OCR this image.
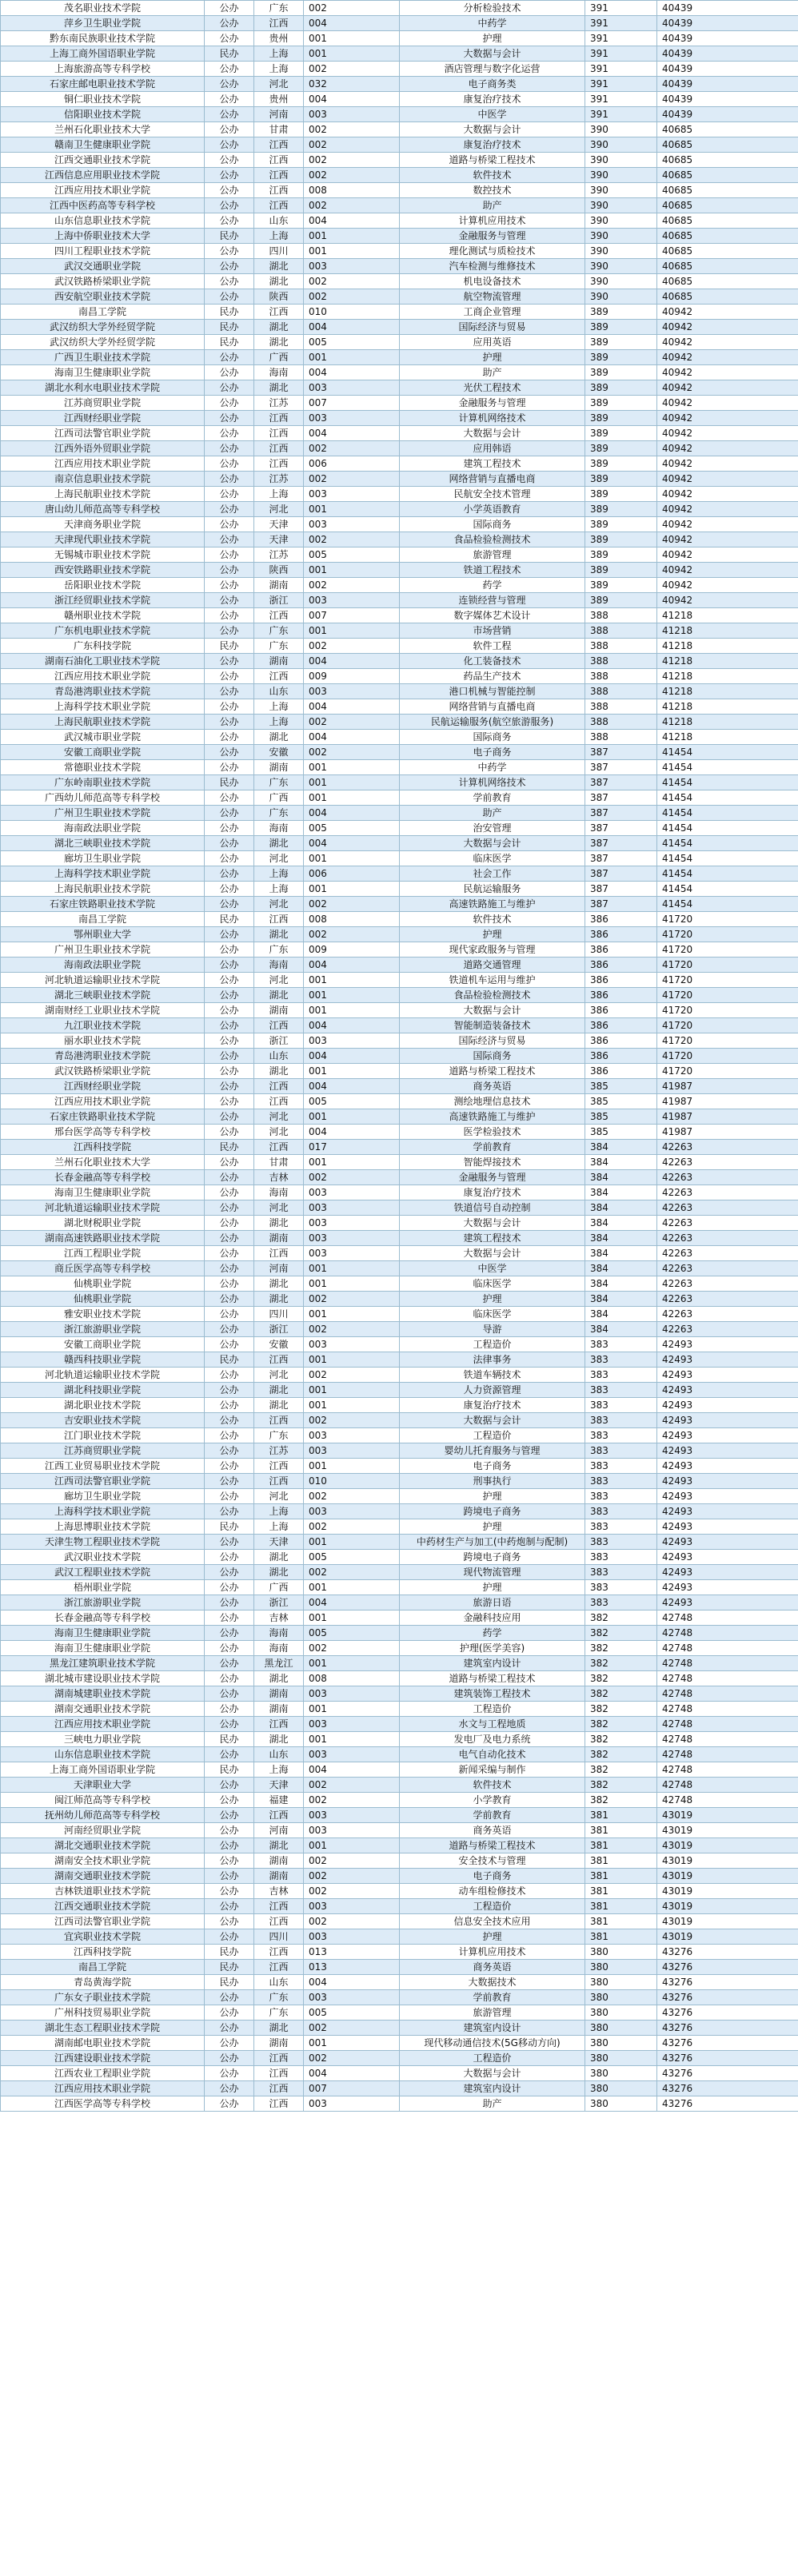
茂名职业技术学院	公办	广东	002	分析检验技术	391	40439
萍乡卫生职业学院	公办	江西	004	中药学	391	40439
黔东南民族职业技术学院	公办	贵州	001	护理	391	40439
上海工商外国语职业学院	民办	上海	001	大数据与会计	391	40439
上海旅游高等专科学校	公办	上海	002	酒店管理与数字化运营	391	40439
石家庄邮电职业技术学院	公办	河北	032	电子商务类	391	40439
铜仁职业技术学院	公办	贵州	004	康复治疗技术	391	40439
信阳职业技术学院	公办	河南	003	中医学	391	40439
兰州石化职业技术大学	公办	甘肃	002	大数据与会计	390	40685
赣南卫生健康职业学院	公办	江西	002	康复治疗技术	390	40685
江西交通职业技术学院	公办	江西	002	道路与桥梁工程技术	390	40685
江西信息应用职业技术学院	公办	江西	002	软件技术	390	40685
江西应用技术职业学院	公办	江西	008	数控技术	390	40685
江西中医药高等专科学校	公办	江西	002	助产	390	40685
山东信息职业技术学院	公办	山东	004	计算机应用技术	390	40685
上海中侨职业技术大学	民办	上海	001	金融服务与管理	390	40685
四川工程职业技术学院	公办	四川	001	理化测试与质检技术	390	40685
武汉交通职业学院	公办	湖北	003	汽车检测与维修技术	390	40685
武汉铁路桥梁职业学院	公办	湖北	002	机电设备技术	390	40685
西安航空职业技术学院	公办	陕西	002	航空物流管理	390	40685
南昌工学院	民办	江西	010	工商企业管理	389	40942
武汉纺织大学外经贸学院	民办	湖北	004	国际经济与贸易	389	40942
武汉纺织大学外经贸学院	民办	湖北	005	应用英语	389	40942
广西卫生职业技术学院	公办	广西	001	护理	389	40942
海南卫生健康职业学院	公办	海南	004	助产	389	40942
湖北水利水电职业技术学院	公办	湖北	003	光伏工程技术	389	40942
江苏商贸职业学院	公办	江苏	007	金融服务与管理	389	40942
江西财经职业学院	公办	江西	003	计算机网络技术	389	40942
江西司法警官职业学院	公办	江西	004	大数据与会计	389	40942
江西外语外贸职业学院	公办	江西	002	应用韩语	389	40942
江西应用技术职业学院	公办	江西	006	建筑工程技术	389	40942
南京信息职业技术学院	公办	江苏	002	网络营销与直播电商	389	40942
上海民航职业技术学院	公办	上海	003	民航安全技术管理	389	40942
唐山幼儿师范高等专科学校	公办	河北	001	小学英语教育	389	40942
天津商务职业学院	公办	天津	003	国际商务	389	40942
天津现代职业技术学院	公办	天津	002	食品检验检测技术	389	40942
无锡城市职业技术学院	公办	江苏	005	旅游管理	389	40942
西安铁路职业技术学院	公办	陕西	001	铁道工程技术	389	40942
岳阳职业技术学院	公办	湖南	002	药学	389	40942
浙江经贸职业技术学院	公办	浙江	003	连锁经营与管理	389	40942
赣州职业技术学院	公办	江西	007	数字媒体艺术设计	388	41218
广东机电职业技术学院	公办	广东	001	市场营销	388	41218
广东科技学院	民办	广东	002	软件工程	388	41218
湖南石油化工职业技术学院	公办	湖南	004	化工装备技术	388	41218
江西应用技术职业学院	公办	江西	009	药品生产技术	388	41218
青岛港湾职业技术学院	公办	山东	003	港口机械与智能控制	388	41218
上海科学技术职业学院	公办	上海	004	网络营销与直播电商	388	41218
上海民航职业技术学院	公办	上海	002	民航运输服务(航空旅游服务)	388	41218
武汉城市职业学院	公办	湖北	004	国际商务	388	41218
安徽工商职业学院	公办	安徽	002	电子商务	387	41454
常德职业技术学院	公办	湖南	001	中药学	387	41454
广东岭南职业技术学院	民办	广东	001	计算机网络技术	387	41454
广西幼儿师范高等专科学校	公办	广西	001	学前教育	387	41454
广州卫生职业技术学院	公办	广东	004	助产	387	41454
海南政法职业学院	公办	海南	005	治安管理	387	41454
湖北三峡职业技术学院	公办	湖北	004	大数据与会计	387	41454
廊坊卫生职业学院	公办	河北	001	临床医学	387	41454
上海科学技术职业学院	公办	上海	006	社会工作	387	41454
上海民航职业技术学院	公办	上海	001	民航运输服务	387	41454
石家庄铁路职业技术学院	公办	河北	002	高速铁路施工与维护	387	41454
南昌工学院	民办	江西	008	软件技术	386	41720
鄂州职业大学	公办	湖北	002	护理	386	41720
广州卫生职业技术学院	公办	广东	009	现代家政服务与管理	386	41720
海南政法职业学院	公办	海南	004	道路交通管理	386	41720
河北轨道运输职业技术学院	公办	河北	001	铁道机车运用与维护	386	41720
湖北三峡职业技术学院	公办	湖北	001	食品检验检测技术	386	41720
湖南财经工业职业技术学院	公办	湖南	001	大数据与会计	386	41720
九江职业技术学院	公办	江西	004	智能制造装备技术	386	41720
丽水职业技术学院	公办	浙江	003	国际经济与贸易	386	41720
青岛港湾职业技术学院	公办	山东	004	国际商务	386	41720
武汉铁路桥梁职业学院	公办	湖北	001	道路与桥梁工程技术	386	41720
江西财经职业学院	公办	江西	004	商务英语	385	41987
江西应用技术职业学院	公办	江西	005	测绘地理信息技术	385	41987
石家庄铁路职业技术学院	公办	河北	001	高速铁路施工与维护	385	41987
邢台医学高等专科学校	公办	河北	004	医学检验技术	385	41987
江西科技学院	民办	江西	017	学前教育	384	42263
兰州石化职业技术大学	公办	甘肃	001	智能焊接技术	384	42263
长春金融高等专科学校	公办	吉林	002	金融服务与管理	384	42263
海南卫生健康职业学院	公办	海南	003	康复治疗技术	384	42263
河北轨道运输职业技术学院	公办	河北	003	铁道信号自动控制	384	42263
湖北财税职业学院	公办	湖北	003	大数据与会计	384	42263
湖南高速铁路职业技术学院	公办	湖南	003	建筑工程技术	384	42263
江西工程职业学院	公办	江西	003	大数据与会计	384	42263
商丘医学高等专科学校	公办	河南	001	中医学	384	42263
仙桃职业学院	公办	湖北	001	临床医学	384	42263
仙桃职业学院	公办	湖北	002	护理	384	42263
雅安职业技术学院	公办	四川	001	临床医学	384	42263
浙江旅游职业学院	公办	浙江	002	导游	384	42263
安徽工商职业学院	公办	安徽	003	工程造价	383	42493
赣西科技职业学院	民办	江西	001	法律事务	383	42493
河北轨道运输职业技术学院	公办	河北	002	铁道车辆技术	383	42493
湖北科技职业学院	公办	湖北	001	人力资源管理	383	42493
湖北职业技术学院	公办	湖北	001	康复治疗技术	383	42493
吉安职业技术学院	公办	江西	002	大数据与会计	383	42493
江门职业技术学院	公办	广东	003	工程造价	383	42493
江苏商贸职业学院	公办	江苏	003	婴幼儿托育服务与管理	383	42493
江西工业贸易职业技术学院	公办	江西	001	电子商务	383	42493
江西司法警官职业学院	公办	江西	010	刑事执行	383	42493
廊坊卫生职业学院	公办	河北	002	护理	383	42493
上海科学技术职业学院	公办	上海	003	跨境电子商务	383	42493
上海思博职业技术学院	民办	上海	002	护理	383	42493
天津生物工程职业技术学院	公办	天津	001	中药材生产与加工(中药炮制与配制)	383	42493
武汉职业技术学院	公办	湖北	005	跨境电子商务	383	42493
武汉工程职业技术学院	公办	湖北	002	现代物流管理	383	42493
梧州职业学院	公办	广西	001	护理	383	42493
浙江旅游职业学院	公办	浙江	004	旅游日语	383	42493
长春金融高等专科学校	公办	吉林	001	金融科技应用	382	42748
海南卫生健康职业学院	公办	海南	005	药学	382	42748
海南卫生健康职业学院	公办	海南	002	护理(医学美容)	382	42748
黑龙江建筑职业技术学院	公办	黑龙江	001	建筑室内设计	382	42748
湖北城市建设职业技术学院	公办	湖北	008	道路与桥梁工程技术	382	42748
湖南城建职业技术学院	公办	湖南	003	建筑装饰工程技术	382	42748
湖南交通职业技术学院	公办	湖南	001	工程造价	382	42748
江西应用技术职业学院	公办	江西	003	水文与工程地质	382	42748
三峡电力职业学院	民办	湖北	001	发电厂及电力系统	382	42748
山东信息职业技术学院	公办	山东	003	电气自动化技术	382	42748
上海工商外国语职业学院	民办	上海	004	新闻采编与制作	382	42748
天津职业大学	公办	天津	002	软件技术	382	42748
闽江师范高等专科学校	公办	福建	002	小学教育	382	42748
抚州幼儿师范高等专科学校	公办	江西	003	学前教育	381	43019
河南经贸职业学院	公办	河南	003	商务英语	381	43019
湖北交通职业技术学院	公办	湖北	001	道路与桥梁工程技术	381	43019
湖南安全技术职业学院	公办	湖南	002	安全技术与管理	381	43019
湖南交通职业技术学院	公办	湖南	002	电子商务	381	43019
吉林铁道职业技术学院	公办	吉林	002	动车组检修技术	381	43019
江西交通职业技术学院	公办	江西	003	工程造价	381	43019
江西司法警官职业学院	公办	江西	002	信息安全技术应用	381	43019
宜宾职业技术学院	公办	四川	003	护理	381	43019
江西科技学院	民办	江西	013	计算机应用技术	380	43276
南昌工学院	民办	江西	013	商务英语	380	43276
青岛黄海学院	民办	山东	004	大数据技术	380	43276
广东女子职业技术学院	公办	广东	003	学前教育	380	43276
广州科技贸易职业学院	公办	广东	005	旅游管理	380	43276
湖北生态工程职业技术学院	公办	湖北	002	建筑室内设计	380	43276
湖南邮电职业技术学院	公办	湖南	001	现代移动通信技术(5G移动方向)	380	43276
江西建设职业技术学院	公办	江西	002	工程造价	380	43276
江西农业工程职业学院	公办	江西	004	大数据与会计	380	43276
江西应用技术职业学院	公办	江西	007	建筑室内设计	380	43276
江西医学高等专科学校	公办	江西	003	助产	380	43276
